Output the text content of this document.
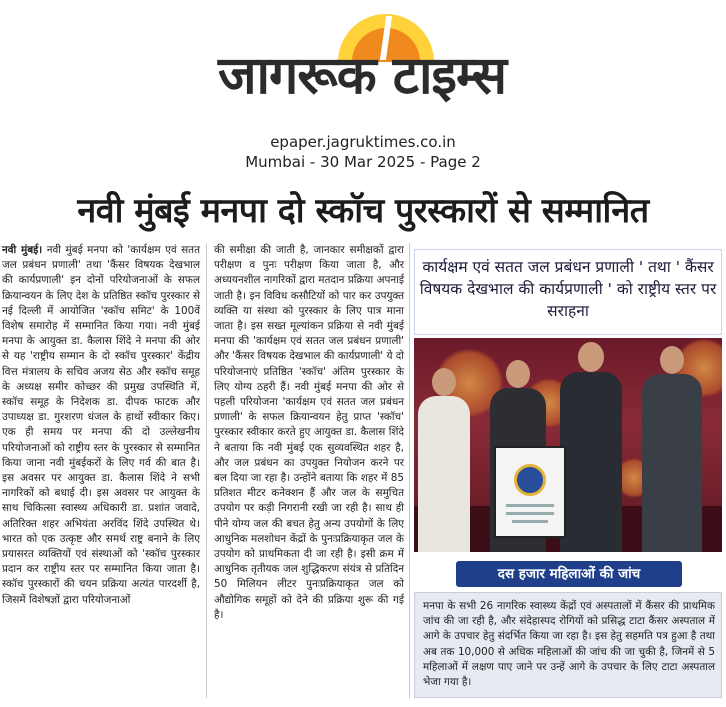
जागरूक टाइम्स
epaper.jagruktimes.co.in
Mumbai - 30 Mar 2025 - Page 2
नवी मुंबई मनपा दो स्कॉच पुरस्कारों से सम्मानित
नवी मुंबई। नवी मुंबई मनपा को 'कार्यक्षम एवं सतत जल प्रबंधन प्रणाली' तथा 'कैंसर विषयक देखभाल की कार्यप्रणाली' इन दोनों परियोजनाओं के सफल क्रियान्वयन के लिए देश के प्रतिष्ठित स्कॉच पुरस्कार से नई दिल्ली में आयोजित 'स्कॉच समिट' के 100वें विशेष समारोह में सम्मानित किया गया। नवी मुंबई मनपा के आयुक्त डा. कैलास शिंदे ने मनपा की ओर से यह 'राष्ट्रीय सम्मान के दो स्कॉच पुरस्कार' केंद्रीय वित्त मंत्रालय के सचिव अजय सेठ और स्कॉच समूह के अध्यक्ष समीर कोच्छर की प्रमुख उपस्थिति में, स्कॉच समूह के निदेशक डा. दीपक फाटक और उपाध्यक्ष डा. गुरशरण धंजल के हाथों स्वीकार किए। एक ही समय पर मनपा की दो उल्लेखनीय परियोजनाओं को राष्ट्रीय स्तर के पुरस्कार से सम्मानित किया जाना नवी मुंबईकरों के लिए गर्व की बात है। इस अवसर पर आयुक्त डा. कैलास शिंदे ने सभी नागरिकों को बधाई दी। इस अवसर पर आयुक्त के साथ चिकित्सा स्वास्थ्य अधिकारी डा. प्रशांत जवादे, अतिरिक्त शहर अभियंता अरविंद शिंदे उपस्थित थे। भारत को एक उत्कृष्ट और समर्थ राष्ट्र बनाने के लिए प्रयासरत व्यक्तियों एवं संस्थाओं को 'स्कॉच पुरस्कार प्रदान कर राष्ट्रीय स्तर पर सम्मानित किया जाता है। स्कॉच पुरस्कारों की चयन प्रक्रिया अत्यंत पारदर्शी है, जिसमें विशेषज्ञों द्वारा परियोजनाओं
की समीक्षा की जाती है, जानकार समीक्षकों द्वारा परीक्षण व पुनः परीक्षण किया जाता है, और अध्ययनशील नागरिकों द्वारा मतदान प्रक्रिया अपनाई जाती है। इन विविध कसौटियों को पार कर उपयुक्त व्यक्ति या संस्था को पुरस्कार के लिए पात्र माना जाता है। इस सख्त मूल्यांकन प्रक्रिया से नवी मुंबई मनपा की 'कार्यक्षम एवं सतत जल प्रबंधन प्रणाली' और 'कैंसर विषयक देखभाल की कार्यप्रणाली' ये दो परियोजनाएं प्रतिष्ठित 'स्कॉच' अंतिम पुरस्कार के लिए योग्य ठहरी हैं। नवी मुंबई मनपा की ओर से पहली परियोजना 'कार्यक्षम एवं सतत जल प्रबंधन प्रणाली' के सफल क्रियान्वयन हेतु प्राप्त 'स्कॉच' पुरस्कार स्वीकार करते हुए आयुक्त डा. कैलास शिंदे ने बताया कि नवी मुंबई एक सुव्यवस्थित शहर है, और जल प्रबंधन का उपयुक्त नियोजन करने पर बल दिया जा रहा है। उन्होंने बताया कि शहर में 85 प्रतिशत मीटर कनेक्शन हैं और जल के समुचित उपयोग पर कड़ी निगरानी रखी जा रही है। साथ ही पीने योग्य जल की बचत हेतु अन्य उपयोगों के लिए आधुनिक मलशोधन केंद्रों के पुनःप्रक्रियाकृत जल के उपयोग को प्राथमिकता दी जा रही है। इसी क्रम में आधुनिक तृतीयक जल शुद्धिकरण संयंत्र से प्रतिदिन 50 मिलियन लीटर पुनःप्रक्रियाकृत जल को औद्योगिक समूहों को देने की प्रक्रिया शुरू की गई है।
कार्यक्षम एवं सतत जल प्रबंधन प्रणाली ' तथा ' कैंसर विषयक देखभाल की कार्यप्रणाली ' को राष्ट्रीय स्तर पर सराहना
दस हजार महिलाओं की जांच
मनपा के सभी 26 नागरिक स्वास्थ्य केंद्रों एवं अस्पतालों में कैंसर की प्राथमिक जांच की जा रही है, और संदेहास्पद रोगियों को प्रसिद्ध टाटा कैंसर अस्पताल में आगे के उपचार हेतु संदर्भित किया जा रहा है। इस हेतु सहमति पत्र हुआ है तथा अब तक 10,000 से अधिक महिलाओं की जांच की जा चुकी है, जिनमें से 5 महिलाओं में लक्षण पाए जाने पर उन्हें आगे के उपचार के लिए टाटा अस्पताल भेजा गया है।
